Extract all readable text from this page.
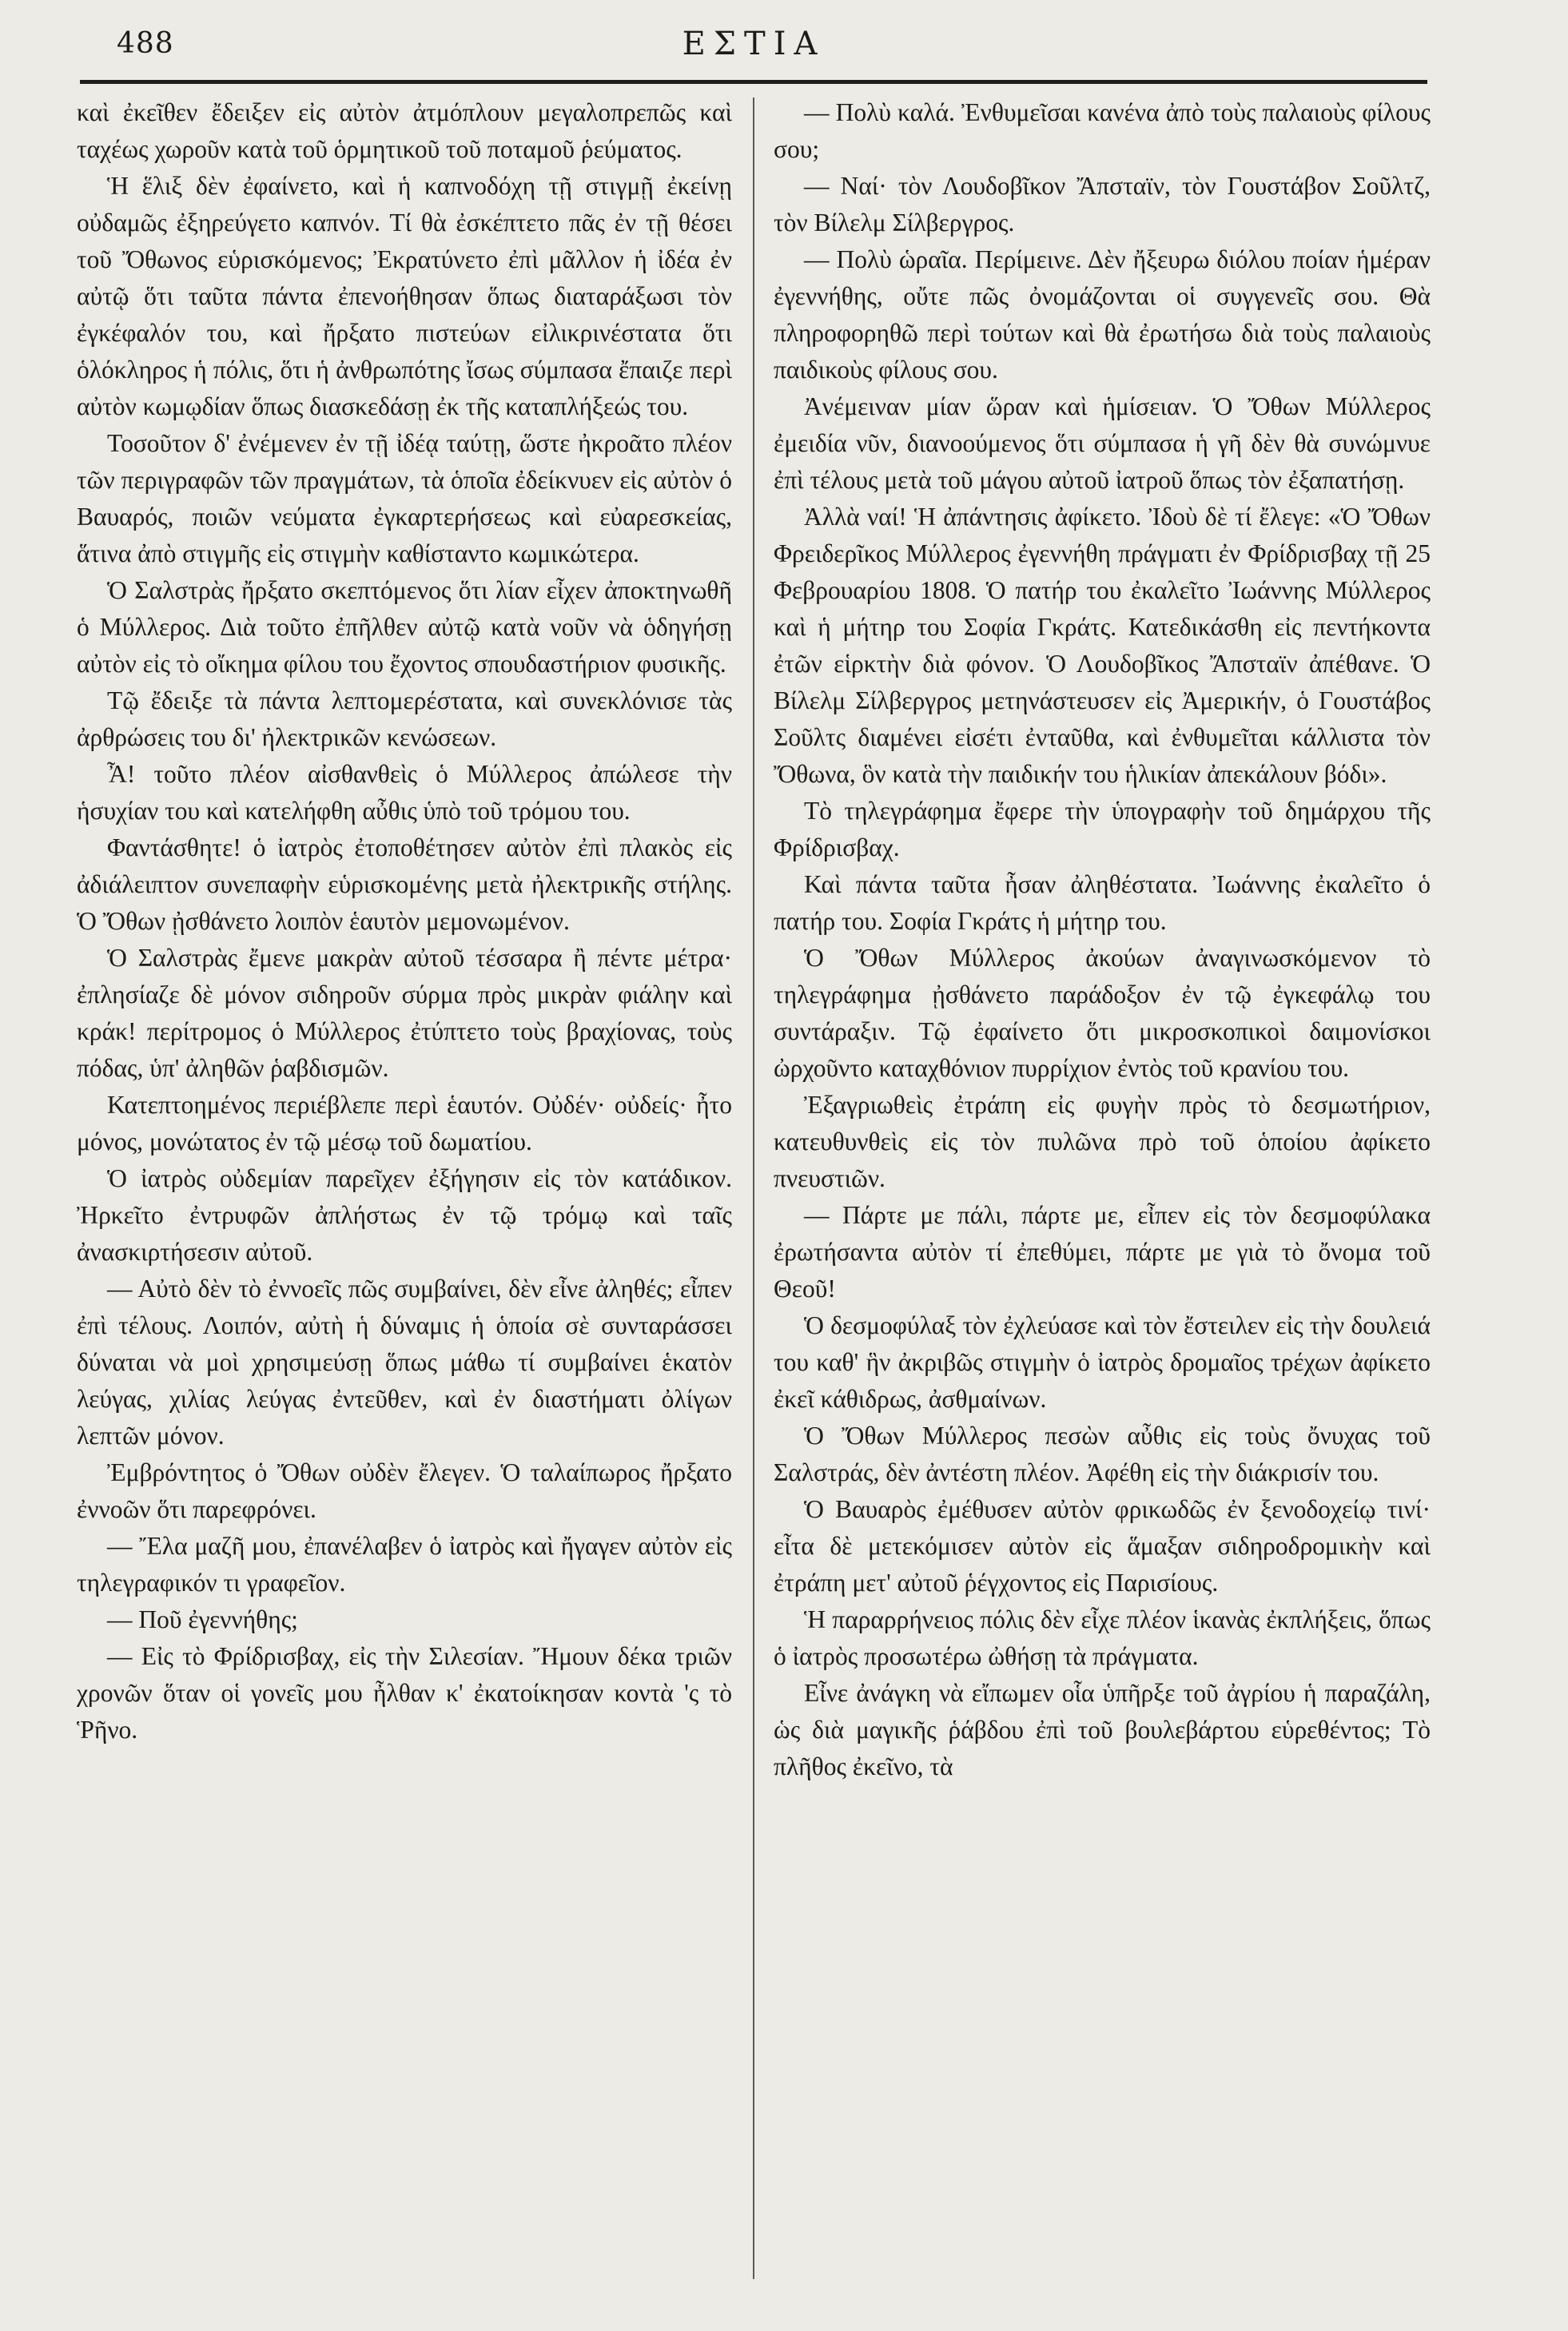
488	ΕΣΤΙΑ

καὶ ἐκεῖθεν ἔδειξεν εἰς αὐτὸν ἀτμόπλουν μεγαλοπρεπῶς καὶ ταχέως χωροῦν κατὰ τοῦ ὁρμητικοῦ τοῦ ποταμοῦ ῥεύματος.

Ἡ ἕλιξ δὲν ἐφαίνετο, καὶ ἡ καπνοδόχη τῇ στιγμῇ ἐκείνῃ οὐδαμῶς ἐξηρεύγετο καπνόν. Τί θὰ ἐσκέπτετο πᾶς ἐν τῇ θέσει τοῦ Ὄθωνος εὑρισκόμενος; Ἐκρατύνετο ἐπὶ μᾶλλον ἡ ἰδέα ἐν αὐτῷ ὅτι ταῦτα πάντα ἐπενοήθησαν ὅπως διαταράξωσι τὸν ἐγκέφαλόν του, καὶ ἤρξατο πιστεύων εἰλικρινέστατα ὅτι ὁλόκληρος ἡ πόλις, ὅτι ἡ ἀνθρωπότης ἴσως σύμπασα ἔπαιζε περὶ αὐτὸν κωμῳδίαν ὅπως διασκεδάσῃ ἐκ τῆς καταπλήξεώς του.

Τοσοῦτον δ' ἐνέμενεν ἐν τῇ ἰδέᾳ ταύτῃ, ὥστε ἠκροᾶτο πλέον τῶν περιγραφῶν τῶν πραγμάτων, τὰ ὁποῖα ἐδείκνυεν εἰς αὐτὸν ὁ Βαυαρός, ποιῶν νεύματα ἐγκαρτερήσεως καὶ εὐαρεσκείας, ἅτινα ἀπὸ στιγμῆς εἰς στιγμὴν καθίσταντο κωμικώτερα.

Ὁ Σαλστρὰς ἤρξατο σκεπτόμενος ὅτι λίαν εἶχεν ἀποκτηνωθῆ ὁ Μύλλερος. Διὰ τοῦτο ἐπῆλθεν αὐτῷ κατὰ νοῦν νὰ ὁδηγήσῃ αὐτὸν εἰς τὸ οἴκημα φίλου του ἔχοντος σπουδαστήριον φυσικῆς.

Τῷ ἔδειξε τὰ πάντα λεπτομερέστατα, καὶ συνεκλόνισε τὰς ἀρθρώσεις του δι' ἠλεκτρικῶν κενώσεων.

Ἆ! τοῦτο πλέον αἰσθανθεὶς ὁ Μύλλερος ἀπώλεσε τὴν ἡσυχίαν του καὶ κατελήφθη αὖθις ὑπὸ τοῦ τρόμου του.

Φαντάσθητε! ὁ ἰατρὸς ἐτοποθέτησεν αὐτὸν ἐπὶ πλακὸς εἰς ἀδιάλειπτον συνεπαφὴν εὑρισκομένης μετὰ ἠλεκτρικῆς στήλης. Ὁ Ὄθων ᾐσθάνετο λοιπὸν ἑαυτὸν μεμονωμένον.

Ὁ Σαλστρὰς ἔμενε μακρὰν αὐτοῦ τέσσαρα ἢ πέντε μέτρα· ἐπλησίαζε δὲ μόνον σιδηροῦν σύρμα πρὸς μικρὰν φιάλην καὶ κράκ! περίτρομος ὁ Μύλλερος ἐτύπτετο τοὺς βραχίονας, τοὺς πόδας, ὑπ' ἀληθῶν ῥαβδισμῶν.

Κατεπτοημένος περιέβλεπε περὶ ἑαυτόν. Οὐδέν· οὐδείς· ἦτο μόνος, μονώτατος ἐν τῷ μέσῳ τοῦ δωματίου.

Ὁ ἰατρὸς οὐδεμίαν παρεῖχεν ἐξήγησιν εἰς τὸν κατάδικον. Ἠρκεῖτο ἐντρυφῶν ἀπλήστως ἐν τῷ τρόμῳ καὶ ταῖς ἀνασκιρτήσεσιν αὐτοῦ.

— Αὐτὸ δὲν τὸ ἐννοεῖς πῶς συμβαίνει, δὲν εἶνε ἀληθές; εἶπεν ἐπὶ τέλους. Λοιπόν, αὐτὴ ἡ δύναμις ἡ ὁποία σὲ συνταράσσει δύναται νὰ μοὶ χρησιμεύσῃ ὅπως μάθω τί συμβαίνει ἑκατὸν λεύγας, χιλίας λεύγας ἐντεῦθεν, καὶ ἐν διαστήματι ὀλίγων λεπτῶν μόνον.

Ἐμβρόντητος ὁ Ὄθων οὐδὲν ἔλεγεν. Ὁ ταλαίπωρος ἤρξατο ἐννοῶν ὅτι παρεφρόνει.

— Ἔλα μαζῆ μου, ἐπανέλαβεν ὁ ἰατρὸς καὶ ἤγαγεν αὐτὸν εἰς τηλεγραφικόν τι γραφεῖον.

— Ποῦ ἐγεννήθης;

— Εἰς τὸ Φρίδρισβαχ, εἰς τὴν Σιλεσίαν. Ἤμουν δέκα τριῶν χρονῶν ὅταν οἱ γονεῖς μου ἦλθαν κ' ἐκατοίκησαν κοντὰ 'ς τὸ Ῥῆνο.

— Πολὺ καλά. Ἐνθυμεῖσαι κανένα ἀπὸ τοὺς παλαιοὺς φίλους σου;

— Ναί· τὸν Λουδοβῖκον Ἄπσταϊν, τὸν Γουστάβον Σοῦλτζ, τὸν Βίλελμ Σίλβεργρος.

— Πολὺ ὡραῖα. Περίμεινε. Δὲν ἤξευρω διόλου ποίαν ἡμέραν ἐγεννήθης, οὔτε πῶς ὀνομάζονται οἱ συγγενεῖς σου. Θὰ πληροφορηθῶ περὶ τούτων καὶ θὰ ἐρωτήσω διὰ τοὺς παλαιοὺς παιδικοὺς φίλους σου.

Ἀνέμειναν μίαν ὥραν καὶ ἡμίσειαν. Ὁ Ὄθων Μύλλερος ἐμειδία νῦν, διανοούμενος ὅτι σύμπασα ἡ γῆ δὲν θὰ συνώμνυε ἐπὶ τέλους μετὰ τοῦ μάγου αὐτοῦ ἰατροῦ ὅπως τὸν ἐξαπατήσῃ.

Ἀλλὰ ναί! Ἡ ἀπάντησις ἀφίκετο. Ἰδοὺ δὲ τί ἔλεγε: «Ὁ Ὄθων Φρειδερῖκος Μύλλερος ἐγεννήθη πράγματι ἐν Φρίδρισβαχ τῇ 25 Φεβρουαρίου 1808. Ὁ πατήρ του ἐκαλεῖτο Ἰωάννης Μύλλερος καὶ ἡ μήτηρ του Σοφία Γκράτς. Κατεδικάσθη εἰς πεντήκοντα ἐτῶν εἱρκτὴν διὰ φόνον. Ὁ Λουδοβῖκος Ἄπσταϊν ἀπέθανε. Ὁ Βίλελμ Σίλβεργρος μετηνάστευσεν εἰς Ἀμερικήν, ὁ Γουστάβος Σοῦλτς διαμένει εἰσέτι ἐνταῦθα, καὶ ἐνθυμεῖται κάλλιστα τὸν Ὄθωνα, ὃν κατὰ τὴν παιδικήν του ἡλικίαν ἀπεκάλουν βόδι».

Τὸ τηλεγράφημα ἔφερε τὴν ὑπογραφὴν τοῦ δημάρχου τῆς Φρίδρισβαχ.

Καὶ πάντα ταῦτα ἦσαν ἀληθέστατα. Ἰωάννης ἐκαλεῖτο ὁ πατήρ του. Σοφία Γκράτς ἡ μήτηρ του.

Ὁ Ὄθων Μύλλερος ἀκούων ἀναγινωσκόμενον τὸ τηλεγράφημα ᾐσθάνετο παράδοξον ἐν τῷ ἐγκεφάλῳ του συντάραξιν. Τῷ ἐφαίνετο ὅτι μικροσκοπικοὶ δαιμονίσκοι ὠρχοῦντο καταχθόνιον πυρρίχιον ἐντὸς τοῦ κρανίου του.

Ἐξαγριωθεὶς ἐτράπη εἰς φυγὴν πρὸς τὸ δεσμωτήριον, κατευθυνθεὶς εἰς τὸν πυλῶνα πρὸ τοῦ ὁποίου ἀφίκετο πνευστιῶν.

— Πάρτε με πάλι, πάρτε με, εἶπεν εἰς τὸν δεσμοφύλακα ἐρωτήσαντα αὐτὸν τί ἐπεθύμει, πάρτε με γιὰ τὸ ὄνομα τοῦ Θεοῦ!

Ὁ δεσμοφύλαξ τὸν ἐχλεύασε καὶ τὸν ἔστειλεν εἰς τὴν δουλειά του καθ' ἣν ἀκριβῶς στιγμὴν ὁ ἰατρὸς δρομαῖος τρέχων ἀφίκετο ἐκεῖ κάθιδρως, ἀσθμαίνων.

Ὁ Ὄθων Μύλλερος πεσὼν αὖθις εἰς τοὺς ὄνυχας τοῦ Σαλστράς, δὲν ἀντέστη πλέον. Ἀφέθη εἰς τὴν διάκρισίν του.

Ὁ Βαυαρὸς ἐμέθυσεν αὐτὸν φρικωδῶς ἐν ξενοδοχείῳ τινί· εἶτα δὲ μετεκόμισεν αὐτὸν εἰς ἅμαξαν σιδηροδρομικὴν καὶ ἐτράπη μετ' αὐτοῦ ῥέγχοντος εἰς Παρισίους.

Ἡ παραρρήνειος πόλις δὲν εἶχε πλέον ἱκανὰς ἐκπλήξεις, ὅπως ὁ ἰατρὸς προσωτέρω ὠθήσῃ τὰ πράγματα.

Εἶνε ἀνάγκη νὰ εἴπωμεν οἷα ὑπῆρξε τοῦ ἀγρίου ἡ παραζάλη, ὡς διὰ μαγικῆς ῥάβδου ἐπὶ τοῦ βουλεβάρτου εὑρεθέντος; Τὸ πλῆθος ἐκεῖνο, τὰ
